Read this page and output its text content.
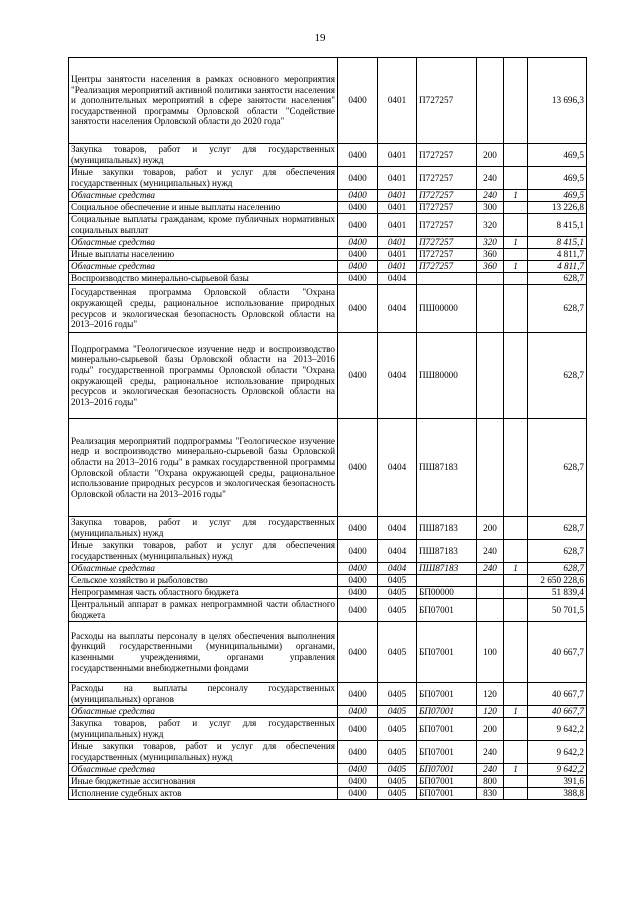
19
Центры занятости населения в рамках основного мероприятия "Реализация мероприятий активной политики занятости населения и дополнительных мероприятий в сфере занятости населения" государственной программы Орловской области "Содействие занятости населения Орловской области до 2020 года"	0400	0401	П727257			13 696,3
Закупка товаров, работ и услуг для государственных (муниципальных) нужд	0400	0401	П727257	200		469,5
Иные закупки товаров, работ и услуг для обеспечения государственных (муниципальных) нужд	0400	0401	П727257	240		469,5
Областные средства	0400	0401	П727257	240	1	469,5
Социальное обеспечение и иные выплаты населению	0400	0401	П727257	300		13 226,8
Социальные выплаты гражданам, кроме публичных нормативных социальных выплат	0400	0401	П727257	320		8 415,1
Областные средства	0400	0401	П727257	320	1	8 415,1
Иные выплаты населению	0400	0401	П727257	360		4 811,7
Областные средства	0400	0401	П727257	360	1	4 811,7
Воспроизводство минерально-сырьевой базы	0400	0404				628,7
Государственная программа Орловской области "Охрана окружающей среды, рациональное использование природных ресурсов и экологическая безопасность Орловской области на 2013–2016 годы"	0400	0404	ПШ00000			628,7
Подпрограмма "Геологическое изучение недр и воспроизводство минерально-сырьевой базы Орловской области на 2013–2016 годы" государственной программы Орловской области "Охрана окружающей среды, рациональное использование природных ресурсов и экологическая безопасность Орловской области на 2013–2016 годы"	0400	0404	ПШ80000			628,7
Реализация мероприятий подпрограммы "Геологическое изучение недр и воспроизводство минерально-сырьевой базы Орловской области на 2013–2016 годы" в рамках государственной программы Орловской области "Охрана окружающей среды, рациональное использование природных ресурсов и экологическая безопасность Орловской области на 2013–2016 годы"	0400	0404	ПШ87183			628,7
Закупка товаров, работ и услуг для государственных (муниципальных) нужд	0400	0404	ПШ87183	200		628,7
Иные закупки товаров, работ и услуг для обеспечения государственных (муниципальных) нужд	0400	0404	ПШ87183	240		628,7
Областные средства	0400	0404	ПШ87183	240	1	628,7
Сельское хозяйство и рыболовство	0400	0405				2 650 228,6
Непрограммная часть областного бюджета	0400	0405	БП00000			51 839,4
Центральный аппарат в рамках непрограммной части областного бюджета	0400	0405	БП07001			50 701,5
Расходы на выплаты персоналу в целях обеспечения выполнения функций государственными (муниципальными) органами, казенными учреждениями, органами управления государственными внебюджетными фондами	0400	0405	БП07001	100		40 667,7
Расходы на выплаты персоналу государственных (муниципальных) органов	0400	0405	БП07001	120		40 667,7
Областные средства	0400	0405	БП07001	120	1	40 667,7
Закупка товаров, работ и услуг для государственных (муниципальных) нужд	0400	0405	БП07001	200		9 642,2
Иные закупки товаров, работ и услуг для обеспечения государственных (муниципальных) нужд	0400	0405	БП07001	240		9 642,2
Областные средства	0400	0405	БП07001	240	1	9 642,2
Иные бюджетные ассигнования	0400	0405	БП07001	800		391,6
Исполнение судебных актов	0400	0405	БП07001	830		388,8
